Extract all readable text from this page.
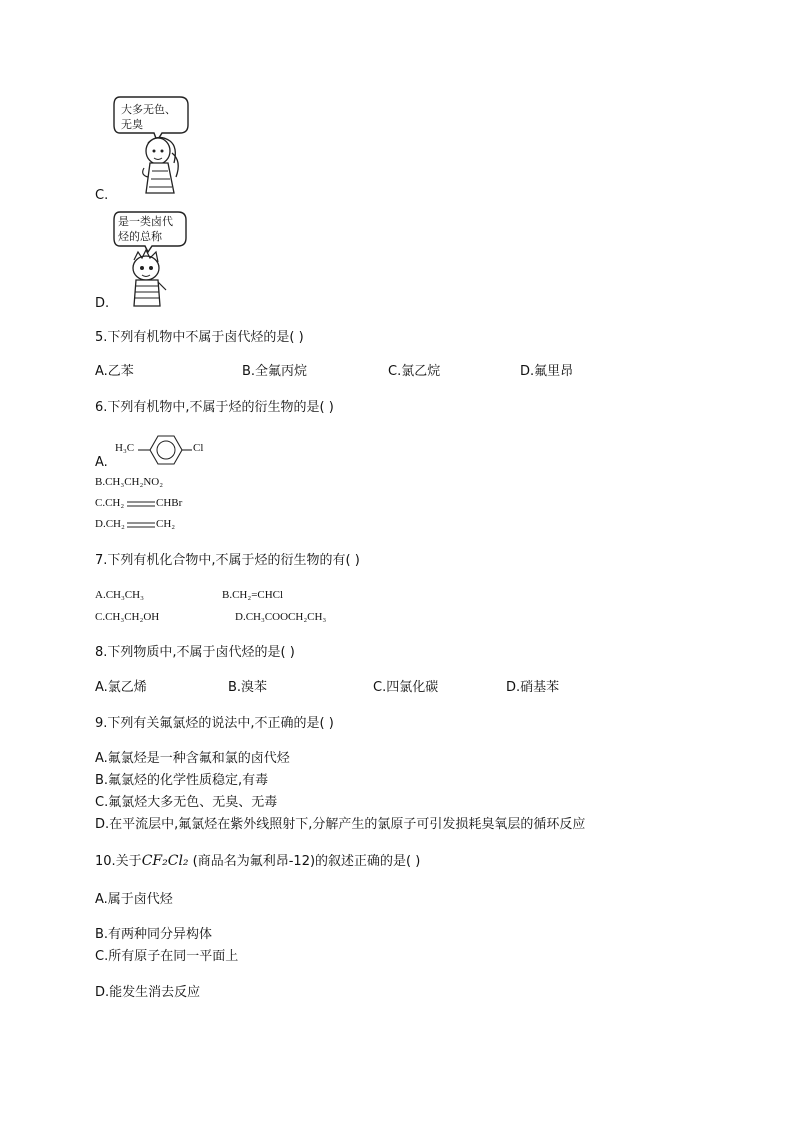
大多无色、
无臭
C.
是一类卤代
烃的总称
D.
5.下列有机物中不属于卤代烃的是( )
A.乙苯	B.全氟丙烷	C.氯乙烷	D.氟里昂
6.下列有机物中,不属于烃的衍生物的是( )
H₃C	Cl
A.
B.CH₃CH₂NO₂
C.CH₂	CHBr
D.CH₂	CH₂
7.下列有机化合物中,不属于烃的衍生物的有( )
A.CH₃CH₃	B.CH₂=CHCl
C.CH₃CH₂OH	D.CH₃COOCH₂CH₃
8.下列物质中,不属于卤代烃的是( )
A.氯乙烯	B.溴苯	C.四氯化碳	D.硝基苯
9.下列有关氟氯烃的说法中,不正确的是( )
A.氟氯烃是一种含氟和氯的卤代烃
B.氟氯烃的化学性质稳定,有毒
C.氟氯烃大多无色、无臭、无毒
D.在平流层中,氟氯烃在紫外线照射下,分解产生的氯原子可引发损耗臭氧层的循环反应
10.关于CF₂Cl₂ (商品名为氟利昂-12)的叙述正确的是( )
A.属于卤代烃
B.有两种同分异构体
C.所有原子在同一平面上
D.能发生消去反应
